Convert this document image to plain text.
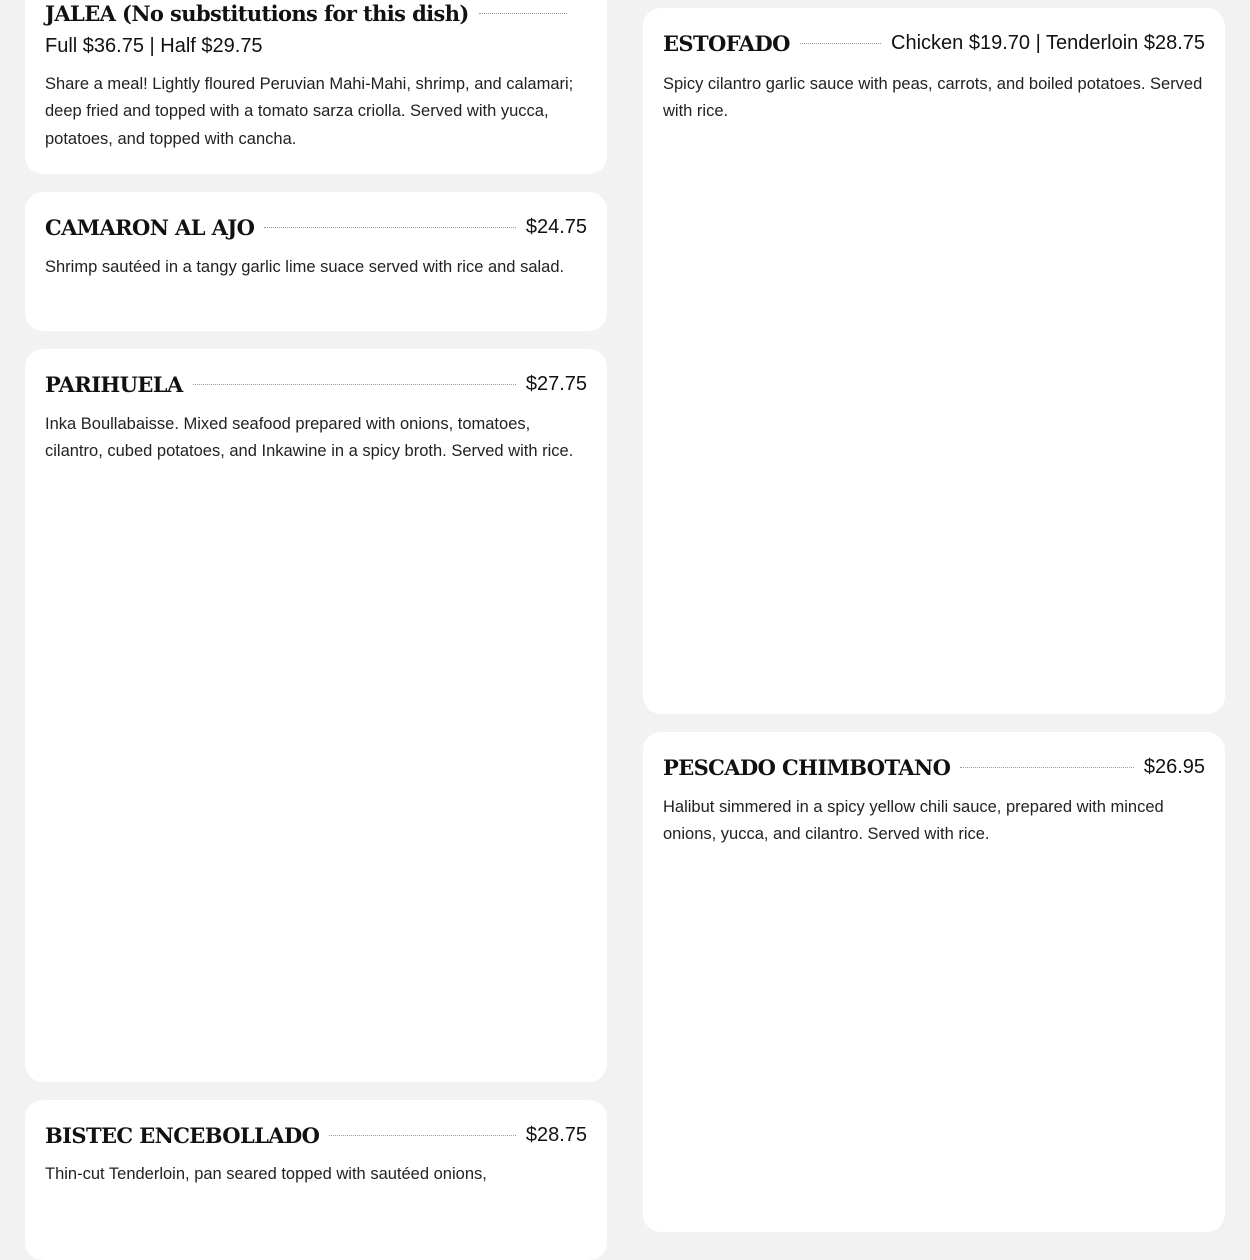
JALEA (No substitutions for this dish)
Full $36.75 | Half $29.75

Share a meal! Lightly floured Peruvian Mahi-Mahi, shrimp, and calamari; deep fried and topped with a tomato sarza criolla. Served with yucca, potatoes, and topped with cancha.

CAMARON AL AJO	$24.75

Shrimp sautéed in a tangy garlic lime suace served with rice and salad.

PARIHUELA	$27.75

Inka Boullabaisse. Mixed seafood prepared with onions, tomatoes, cilantro, cubed potatoes, and Inkawine in a spicy broth. Served with rice.

BISTEC ENCEBOLLADO	$28.75

Thin-cut Tenderloin, pan seared topped with sautéed onions,

ESTOFADO	Chicken $19.70 | Tenderloin $28.75

Spicy cilantro garlic sauce with peas, carrots, and boiled potatoes. Served with rice.

PESCADO CHIMBOTANO	$26.95

Halibut simmered in a spicy yellow chili sauce, prepared with minced onions, yucca, and cilantro. Served with rice.
